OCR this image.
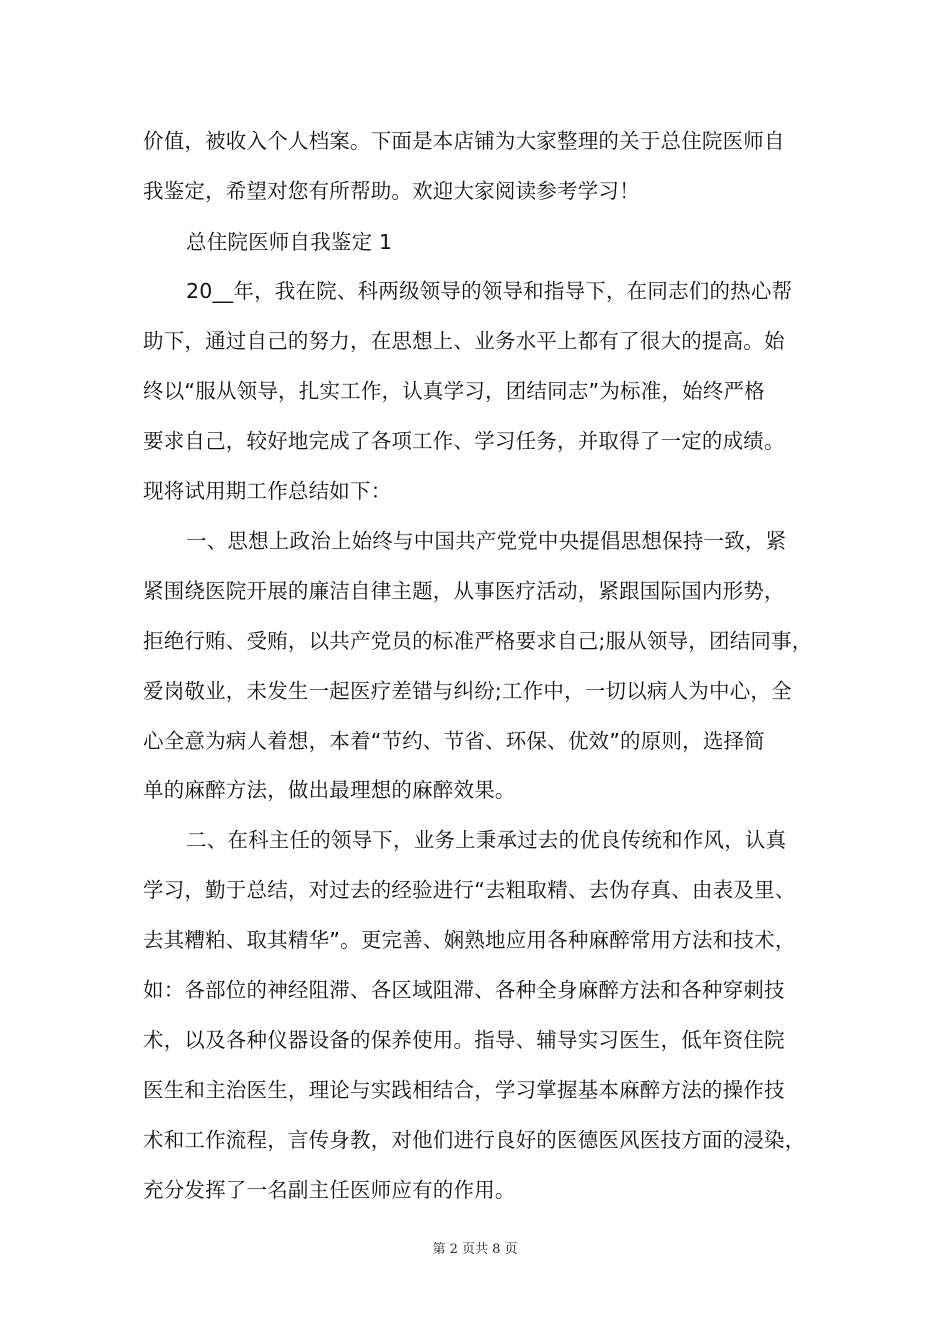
价值，被收入个人档案。下面是本店铺为大家整理的关于总住院医师自
我鉴定，希望对您有所帮助。欢迎大家阅读参考学习！
总住院医师自我鉴定 1
20__年，我在院、科两级领导的领导和指导下，在同志们的热心帮
助下，通过自己的努力，在思想上、业务水平上都有了很大的提高。始
终以“服从领导，扎实工作，认真学习，团结同志”为标准，始终严格
要求自己，较好地完成了各项工作、学习任务，并取得了一定的成绩。
现将试用期工作总结如下：
一、思想上政治上始终与中国共产党党中央提倡思想保持一致，紧
紧围绕医院开展的廉洁自律主题，从事医疗活动，紧跟国际国内形势，
拒绝行贿、受贿，以共产党员的标准严格要求自己;服从领导，团结同事，
爱岗敬业，未发生一起医疗差错与纠纷;工作中，一切以病人为中心，全
心全意为病人着想，本着“节约、节省、环保、优效”的原则，选择简
单的麻醉方法，做出最理想的麻醉效果。
二、在科主任的领导下，业务上秉承过去的优良传统和作风，认真
学习，勤于总结，对过去的经验进行“去粗取精、去伪存真、由表及里、
去其糟粕、取其精华”。更完善、娴熟地应用各种麻醉常用方法和技术，
如：各部位的神经阻滞、各区域阻滞、各种全身麻醉方法和各种穿刺技
术，以及各种仪器设备的保养使用。指导、辅导实习医生，低年资住院
医生和主治医生，理论与实践相结合，学习掌握基本麻醉方法的操作技
术和工作流程，言传身教，对他们进行良好的医德医风医技方面的浸染，
充分发挥了一名副主任医师应有的作用。
第 2 页共 8 页
